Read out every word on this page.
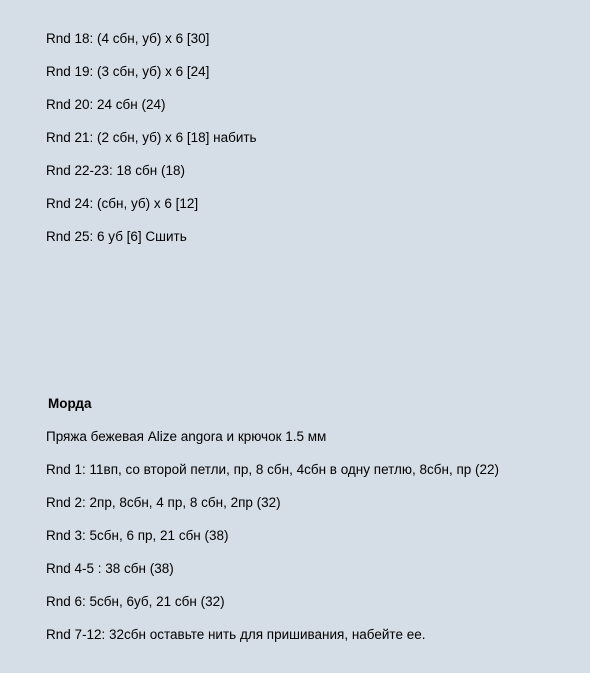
Rnd 18: (4 сбн, уб) x 6 [30]
Rnd 19: (3 сбн, уб) x 6 [24]
Rnd 20: 24 сбн (24)
Rnd 21: (2 сбн, уб) x 6 [18] набить
Rnd 22-23: 18 сбн (18)
Rnd 24: (сбн, уб) x 6 [12]
Rnd 25: 6 уб [6] Сшить
Морда
Пряжа бежевая Alize angora и крючок 1.5 мм
Rnd 1: 11вп, со второй петли, пр, 8 сбн, 4сбн в одну петлю, 8сбн, пр (22)
Rnd 2: 2пр, 8сбн, 4 пр, 8 сбн, 2пр (32)
Rnd 3: 5сбн, 6 пр, 21 сбн (38)
Rnd 4-5 : 38 сбн (38)
Rnd 6: 5сбн, 6уб, 21 сбн (32)
Rnd 7-12: 32сбн оставьте нить для пришивания, набейте ее.
